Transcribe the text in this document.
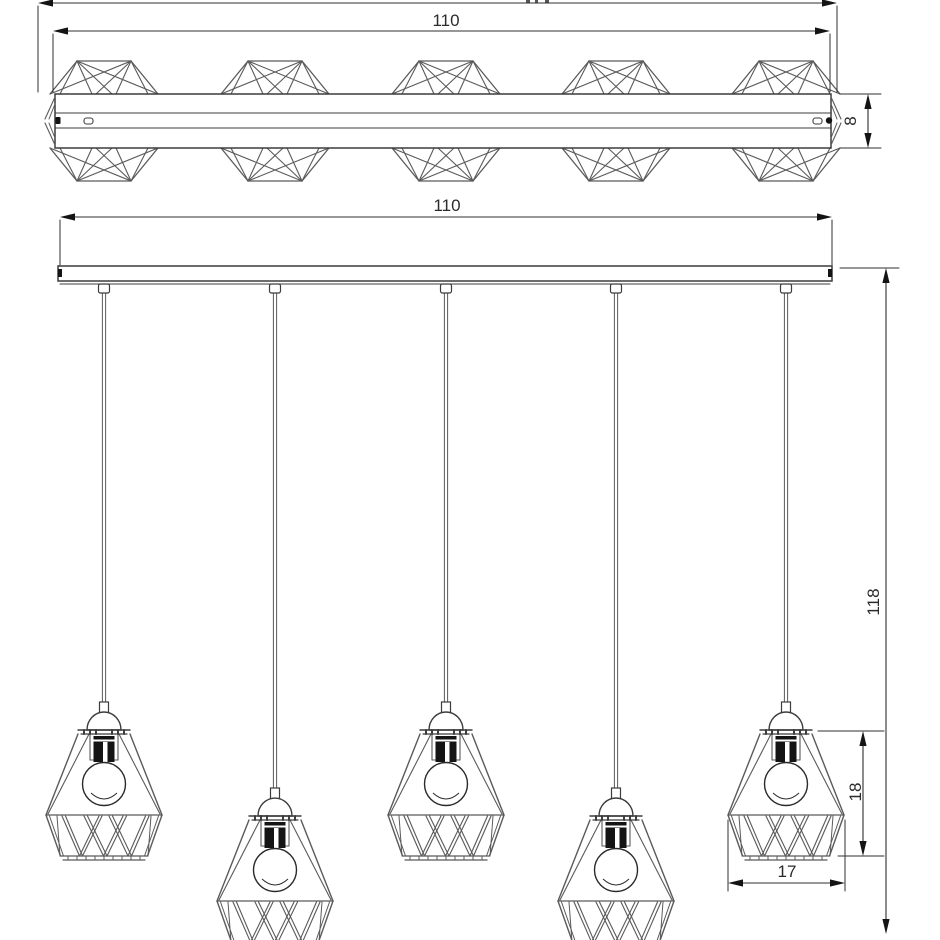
110
8
110
118
18
17
